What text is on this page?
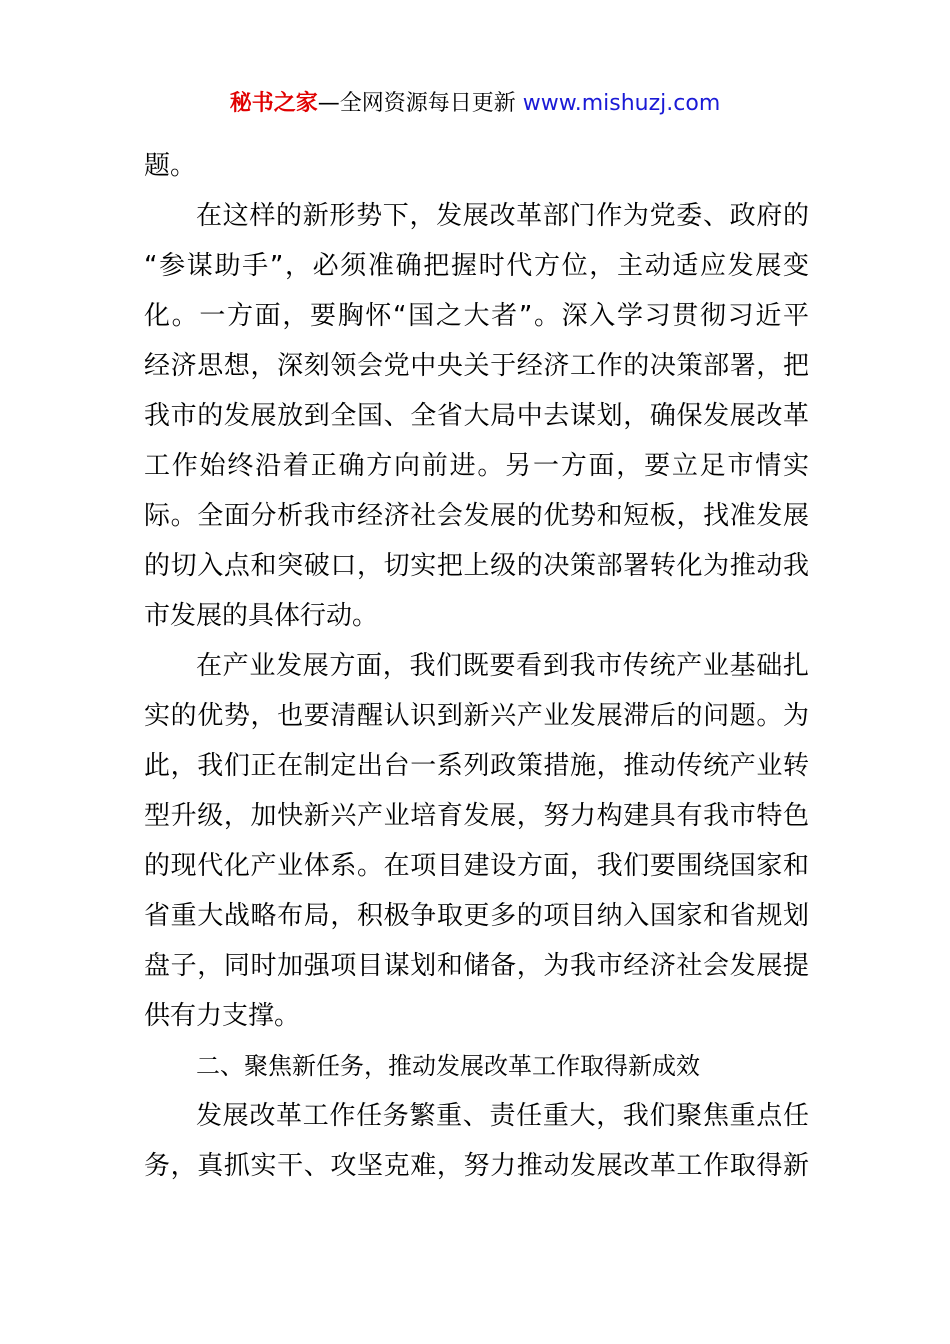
秘书之家—全网资源每日更新 www.mishuzj.com
题。
在这样的新形势下，发展改革部门作为党委、政府的
“参谋助手”，必须准确把握时代方位，主动适应发展变
化。一方面，要胸怀“国之大者”。深入学习贯彻习近平
经济思想，深刻领会党中央关于经济工作的决策部署，把
我市的发展放到全国、全省大局中去谋划，确保发展改革
工作始终沿着正确方向前进。另一方面，要立足市情实
际。全面分析我市经济社会发展的优势和短板，找准发展
的切入点和突破口，切实把上级的决策部署转化为推动我
市发展的具体行动。
在产业发展方面，我们既要看到我市传统产业基础扎
实的优势，也要清醒认识到新兴产业发展滞后的问题。为
此，我们正在制定出台一系列政策措施，推动传统产业转
型升级，加快新兴产业培育发展，努力构建具有我市特色
的现代化产业体系。在项目建设方面，我们要围绕国家和
省重大战略布局，积极争取更多的项目纳入国家和省规划
盘子，同时加强项目谋划和储备，为我市经济社会发展提
供有力支撑。
二、聚焦新任务，推动发展改革工作取得新成效
发展改革工作任务繁重、责任重大，我们聚焦重点任
务，真抓实干、攻坚克难，努力推动发展改革工作取得新
